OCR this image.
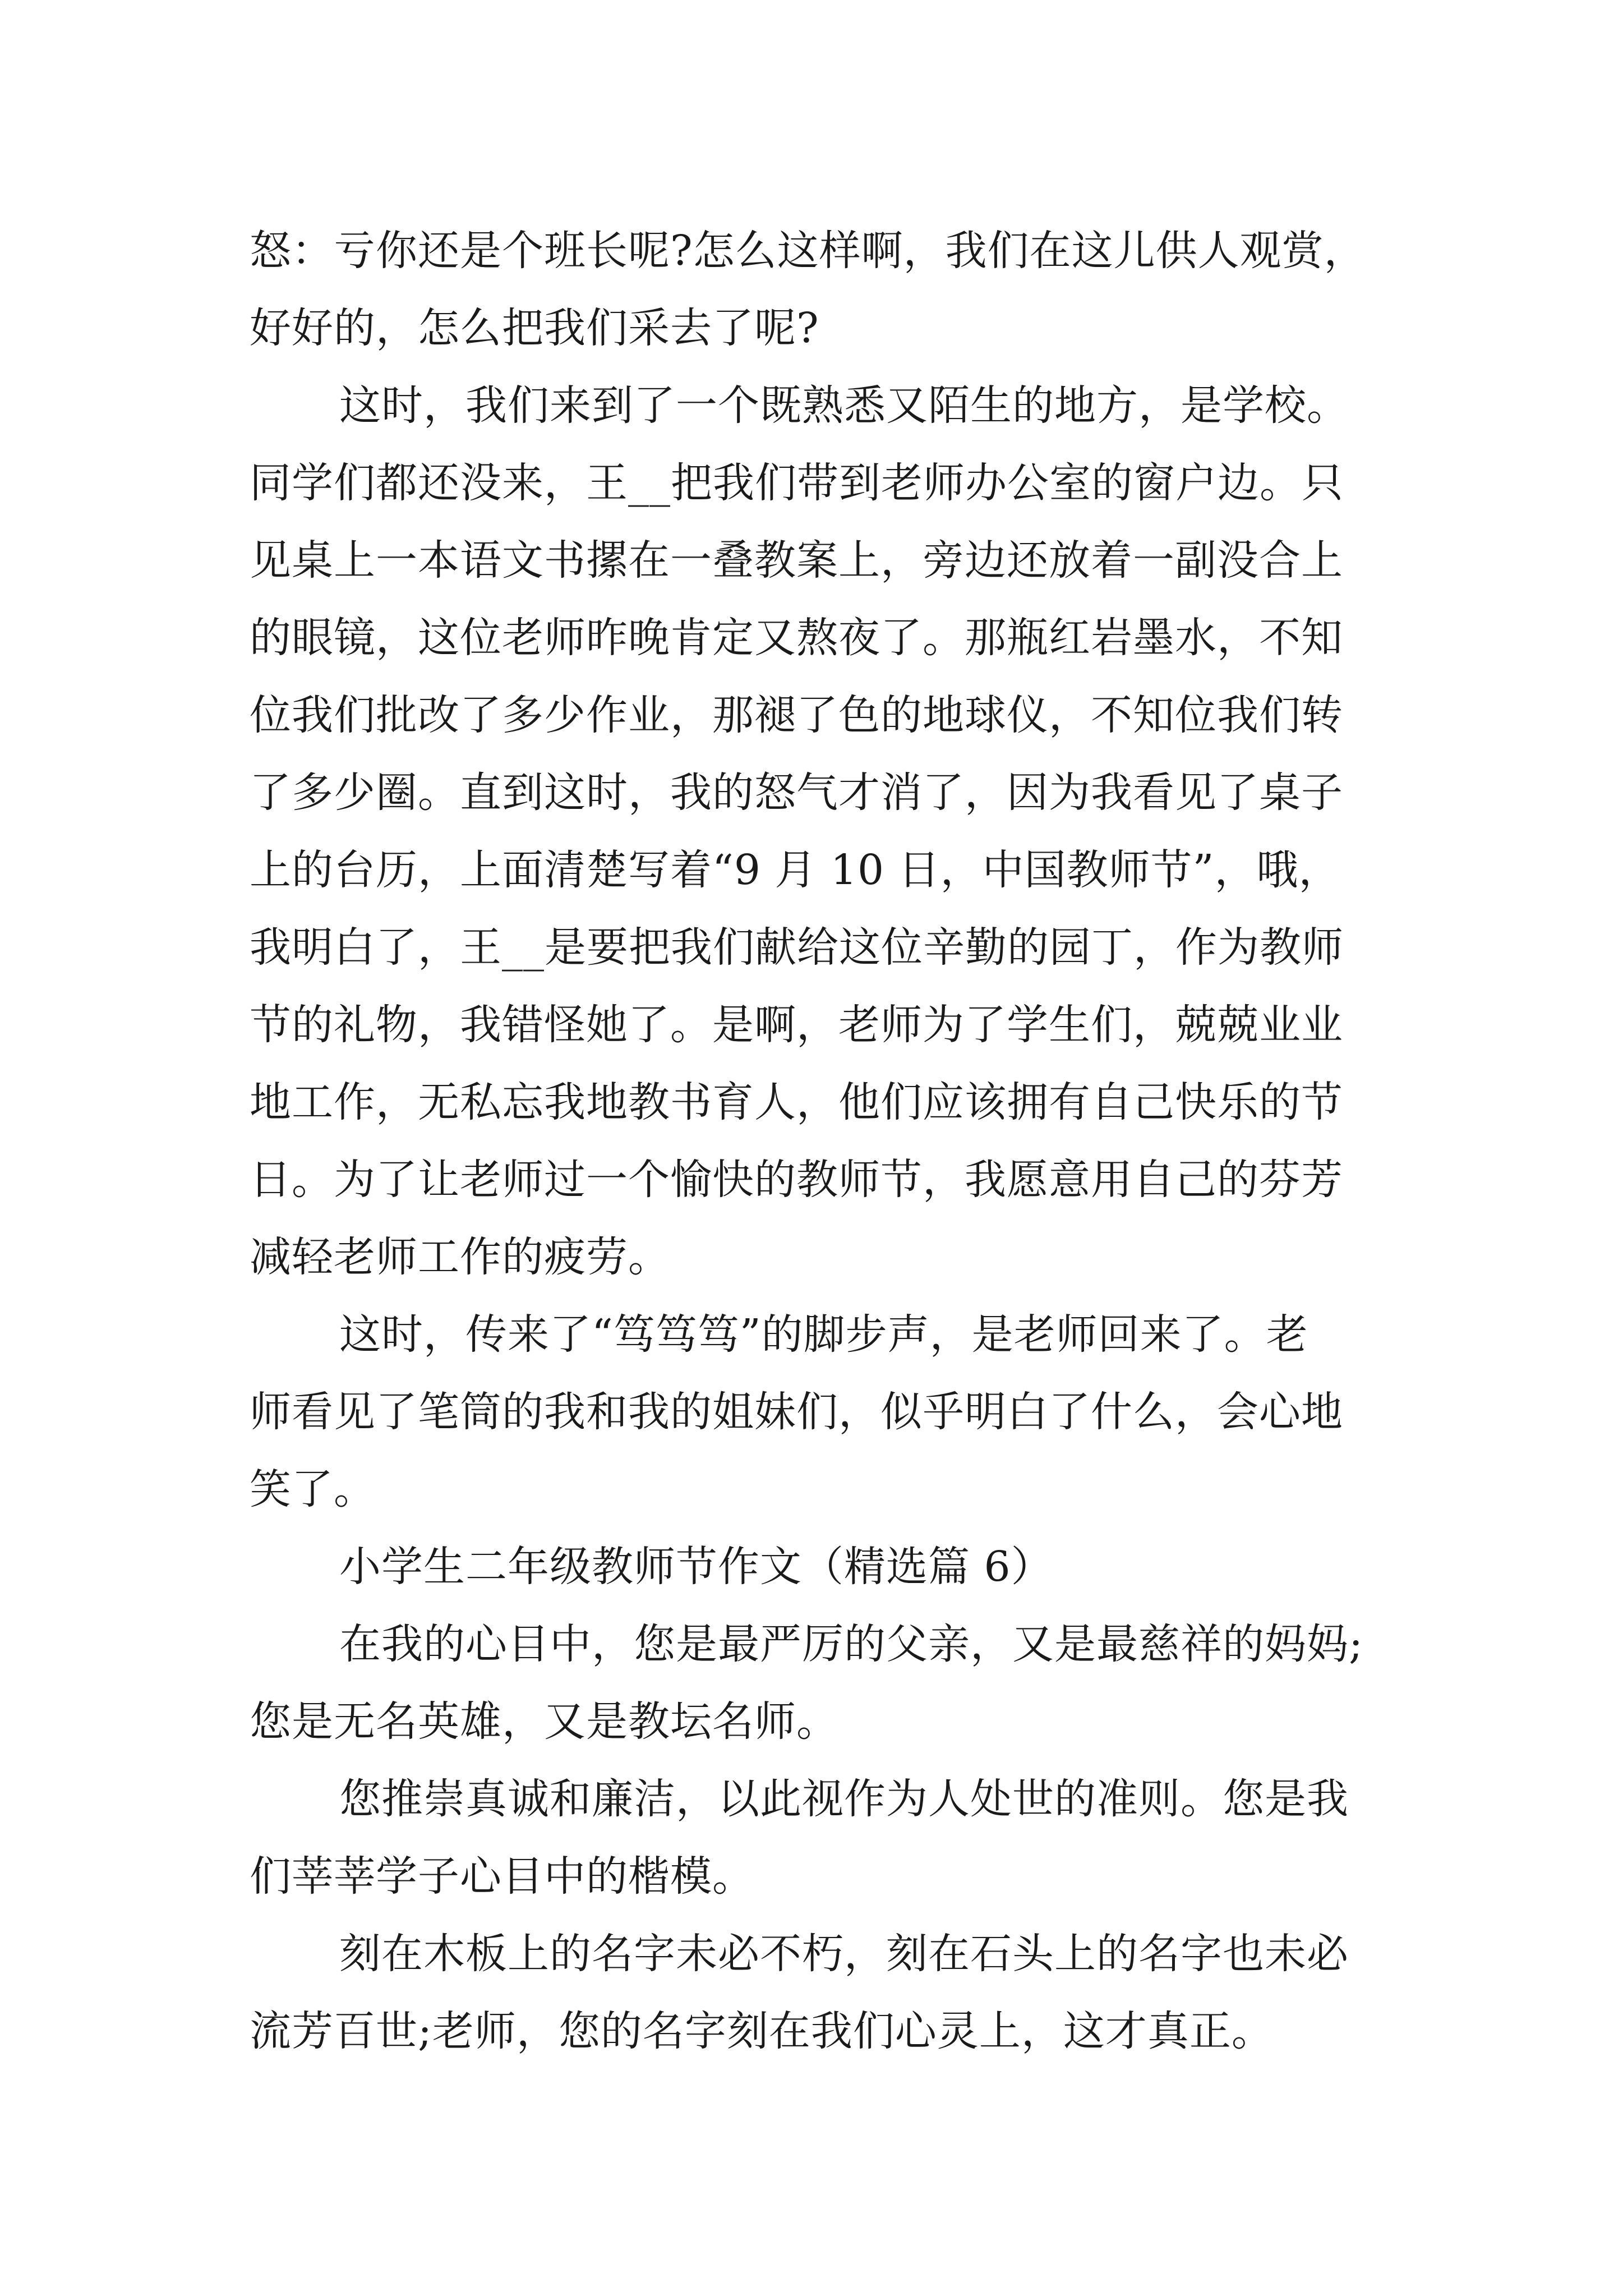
怒：亏你还是个班长呢?怎么这样啊，我们在这儿供人观赏，
好好的，怎么把我们采去了呢?
这时，我们来到了一个既熟悉又陌生的地方，是学校。
同学们都还没来，王__把我们带到老师办公室的窗户边。只
见桌上一本语文书摞在一叠教案上，旁边还放着一副没合上
的眼镜，这位老师昨晚肯定又熬夜了。那瓶红岩墨水，不知
位我们批改了多少作业，那褪了色的地球仪，不知位我们转
了多少圈。直到这时，我的怒气才消了，因为我看见了桌子
上的台历，上面清楚写着“9 月 10 日，中国教师节”，哦，
我明白了，王__是要把我们献给这位辛勤的园丁，作为教师
节的礼物，我错怪她了。是啊，老师为了学生们，兢兢业业
地工作，无私忘我地教书育人，他们应该拥有自己快乐的节
日。为了让老师过一个愉快的教师节，我愿意用自己的芬芳
减轻老师工作的疲劳。
这时，传来了“笃笃笃”的脚步声，是老师回来了。老
师看见了笔筒的我和我的姐妹们，似乎明白了什么，会心地
笑了。
小学生二年级教师节作文（精选篇 6）
在我的心目中，您是最严厉的父亲，又是最慈祥的妈妈;
您是无名英雄，又是教坛名师。
您推崇真诚和廉洁，以此视作为人处世的准则。您是我
们莘莘学子心目中的楷模。
刻在木板上的名字未必不朽，刻在石头上的名字也未必
流芳百世;老师，您的名字刻在我们心灵上，这才真正。
